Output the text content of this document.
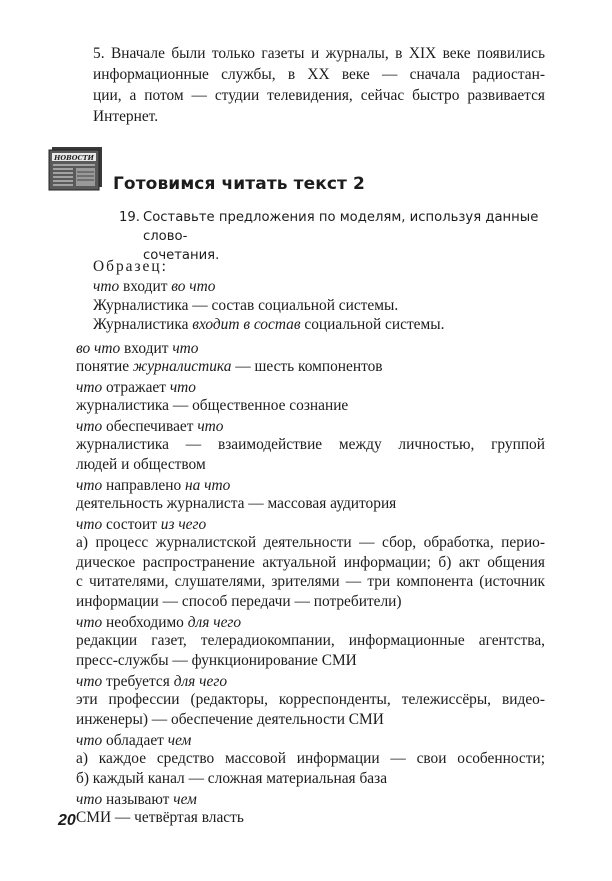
5. Вначале были только газеты и журналы, в XIX веке появились
информационные службы, в XX веке — сначала радиостан-
ции, а потом — студии телевидения, сейчас быстро развивается
Интернет.
НОВОСТИ
Готовимся читать текст 2
19. Составьте предложения по моделям, используя данные слово-
сочетания.
Образец:
что входит во что
Журналистика — состав социальной системы.
Журналистика входит в состав социальной системы.
во что входит что
понятие журналистика — шесть компонентов
что отражает что
журналистика — общественное сознание
что обеспечивает что
журналистика — взаимодействие между личностью, группой
людей и обществом
что направлено на что
деятельность журналиста — массовая аудитория
что состоит из чего
а) процесс журналистской деятельности — сбор, обработка, перио-
дическое распространение актуальной информации; б) акт общения
с читателями, слушателями, зрителями — три компонента (источник
информации — способ передачи — потребители)
что необходимо для чего
редакции газет, телерадиокомпании, информационные агентства,
пресс-службы — функционирование СМИ
что требуется для чего
эти профессии (редакторы, корреспонденты, тележиссёры, видео-
инженеры) — обеспечение деятельности СМИ
что обладает чем
а) каждое средство массовой информации — свои особенности;
б) каждый канал — сложная материальная база
что называют чем
СМИ — четвёртая власть
20
